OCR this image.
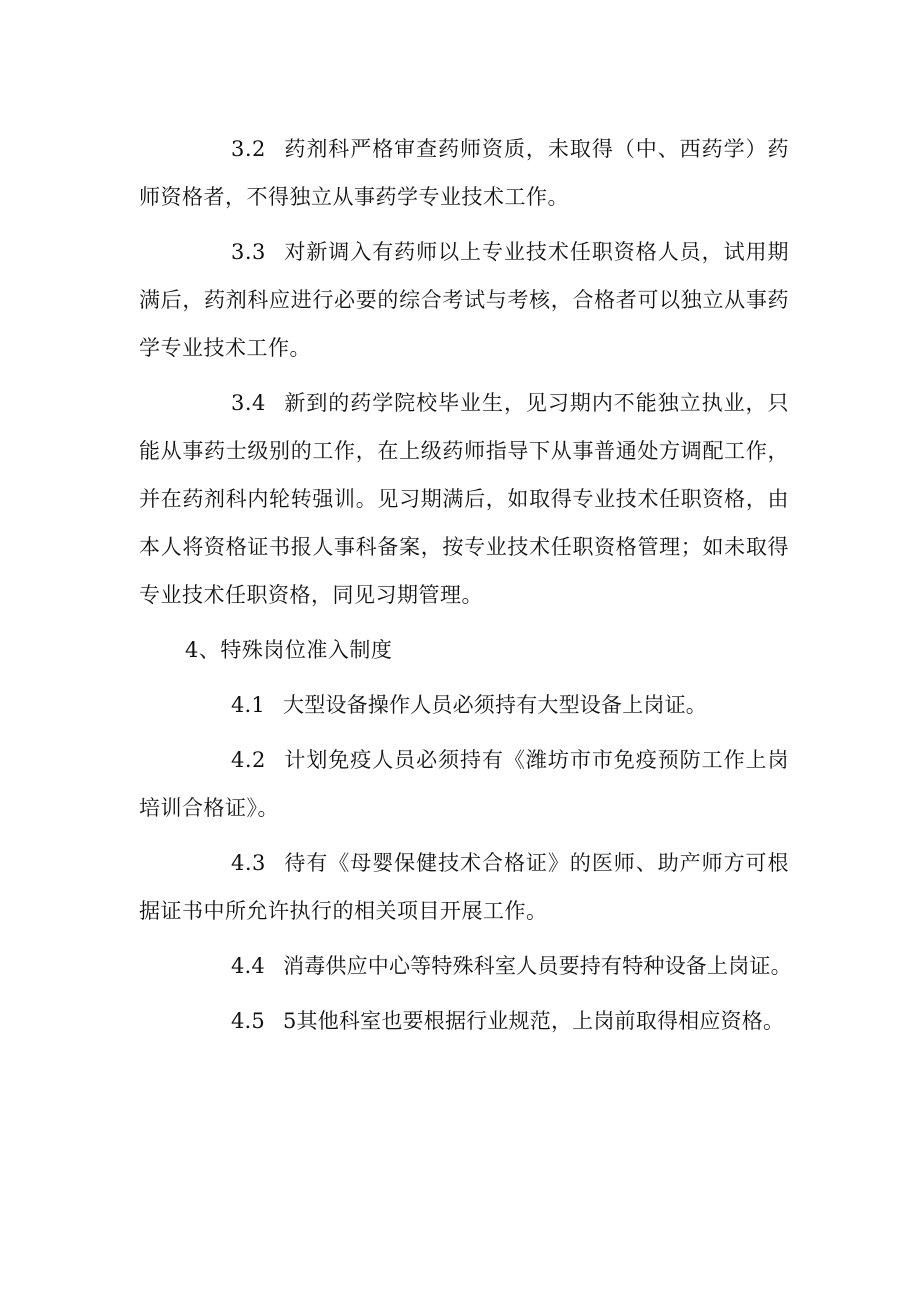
3.2 药剂科严格审查药师资质，未取得（中、西药学）药师资格者，不得独立从事药学专业技术工作。

3.3 对新调入有药师以上专业技术任职资格人员，试用期满后，药剂科应进行必要的综合考试与考核，合格者可以独立从事药学专业技术工作。

3.4 新到的药学院校毕业生，见习期内不能独立执业，只能从事药士级别的工作，在上级药师指导下从事普通处方调配工作，并在药剂科内轮转强训。见习期满后，如取得专业技术任职资格，由本人将资格证书报人事科备案，按专业技术任职资格管理；如未取得专业技术任职资格，同见习期管理。

4、特殊岗位准入制度

4.1 大型设备操作人员必须持有大型设备上岗证。

4.2 计划免疫人员必须持有《潍坊市市免疫预防工作上岗培训合格证》。

4.3 待有《母婴保健技术合格证》的医师、助产师方可根据证书中所允许执行的相关项目开展工作。

4.4 消毒供应中心等特殊科室人员要持有特种设备上岗证。

4.5 5其他科室也要根据行业规范，上岗前取得相应资格。
